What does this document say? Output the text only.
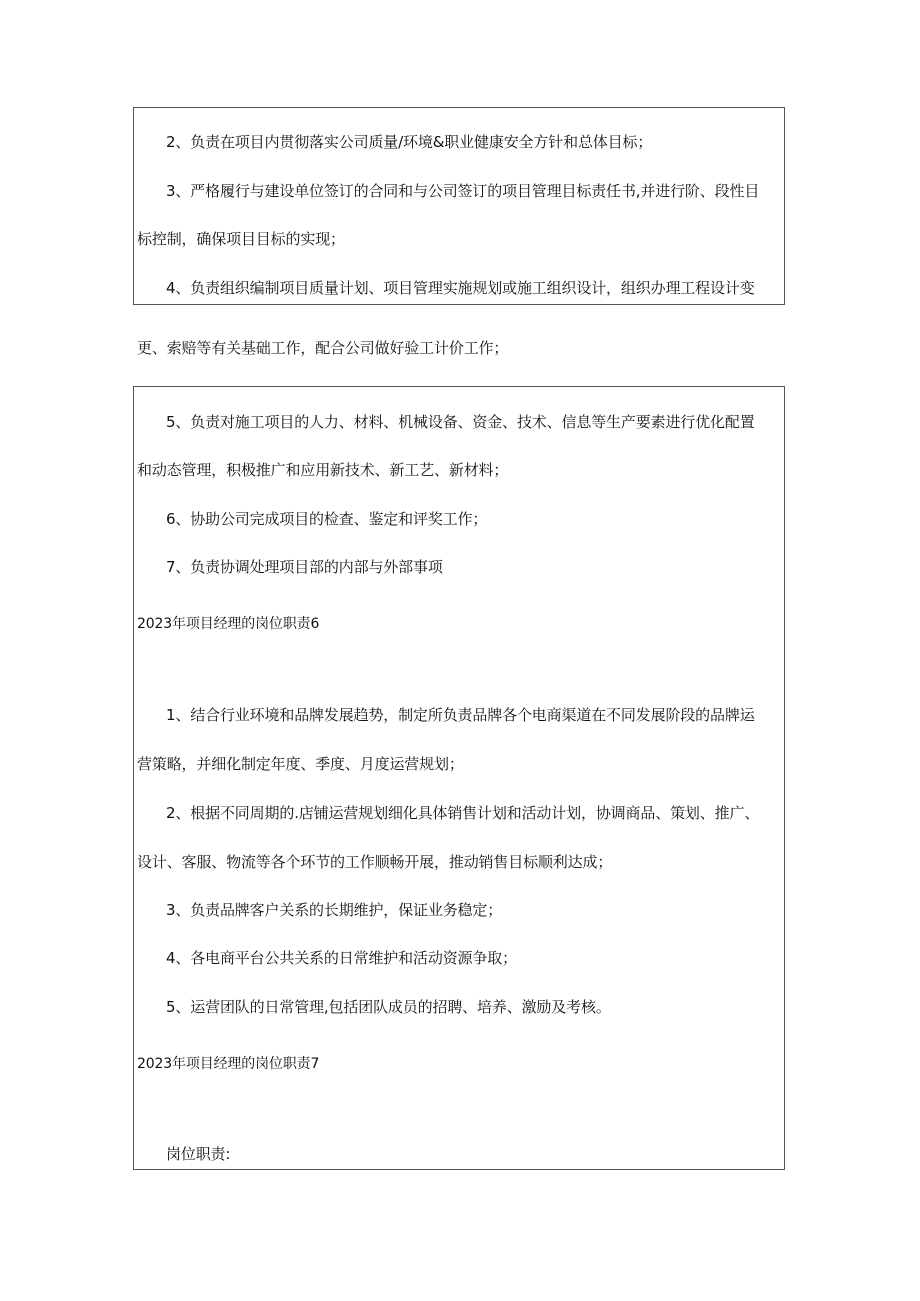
2、负责在项目内贯彻落实公司质量/环境&职业健康安全方针和总体目标；
3、严格履行与建设单位签订的合同和与公司签订的项目管理目标责任书,并进行阶、段性目
标控制，确保项目目标的实现；
4、负责组织编制项目质量计划、项目管理实施规划或施工组织设计，组织办理工程设计变
更、索赔等有关基础工作，配合公司做好验工计价工作；
5、负责对施工项目的人力、材料、机械设备、资金、技术、信息等生产要素进行优化配置
和动态管理，积极推广和应用新技术、新工艺、新材料；
6、协助公司完成项目的检查、鉴定和评奖工作；
7、负责协调处理项目部的内部与外部事项
2023年项目经理的岗位职责6
1、结合行业环境和品牌发展趋势，制定所负责品牌各个电商渠道在不同发展阶段的品牌运
营策略，并细化制定年度、季度、月度运营规划；
2、根据不同周期的.店铺运营规划细化具体销售计划和活动计划，协调商品、策划、推广、
设计、客服、物流等各个环节的工作顺畅开展，推动销售目标顺利达成；
3、负责品牌客户关系的长期维护，保证业务稳定；
4、各电商平台公共关系的日常维护和活动资源争取；
5、运营团队的日常管理,包括团队成员的招聘、培养、激励及考核。
2023年项目经理的岗位职责7
岗位职责:
